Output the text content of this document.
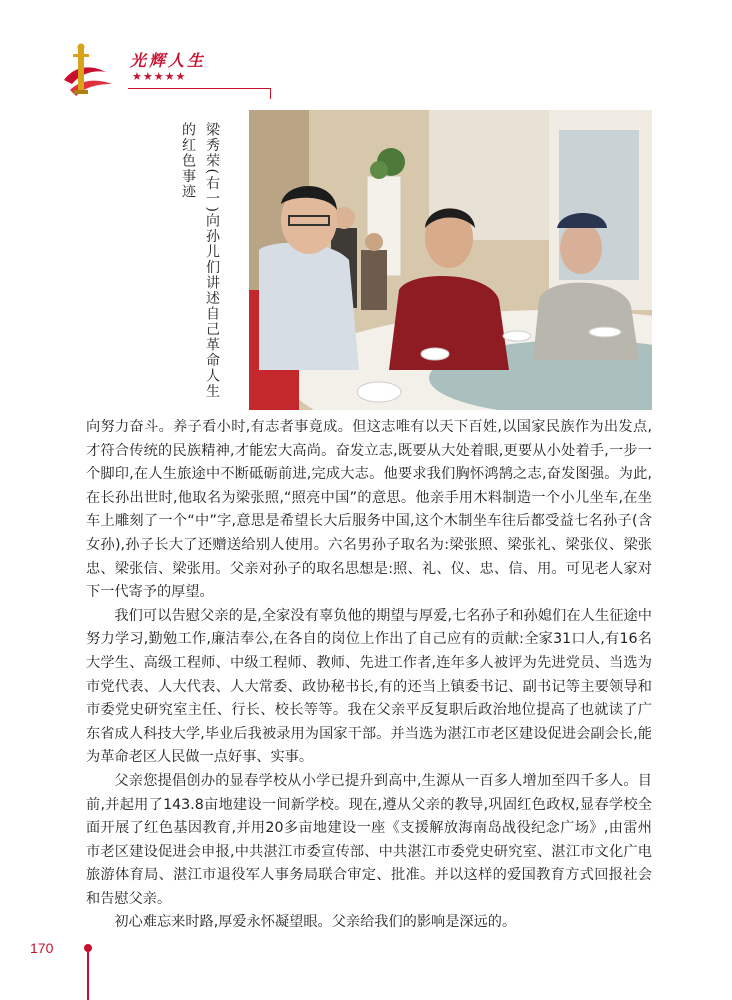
光辉人生
★★★★★
梁秀荣(右一)向孙儿们讲述自己革命人生的红色事迹

向努力奋斗。养子看小时,有志者事竟成。但这志唯有以天下百姓,以国家民族作为出发点,才符合传统的民族精神,才能宏大高尚。奋发立志,既要从大处着眼,更要从小处着手,一步一个脚印,在人生旅途中不断砥砺前进,完成大志。他要求我们胸怀鸿鹄之志,奋发图强。为此,在长孙出世时,他取名为梁张照,“照亮中国”的意思。他亲手用木料制造一个小儿坐车,在坐车上雕刻了一个“中”字,意思是希望长大后服务中国,这个木制坐车往后都受益七名孙子(含女孙),孙子长大了还赠送给别人使用。六名男孙子取名为:梁张照、梁张礼、梁张仪、梁张忠、梁张信、梁张用。父亲对孙子的取名思想是:照、礼、仪、忠、信、用。可见老人家对下一代寄予的厚望。

我们可以告慰父亲的是,全家没有辜负他的期望与厚爱,七名孙子和孙媳们在人生征途中努力学习,勤勉工作,廉洁奉公,在各自的岗位上作出了自己应有的贡献:全家31口人,有16名大学生、高级工程师、中级工程师、教师、先进工作者,连年多人被评为先进党员、当选为市党代表、人大代表、人大常委、政协秘书长,有的还当上镇委书记、副书记等主要领导和市委党史研究室主任、行长、校长等等。我在父亲平反复职后政治地位提高了也就读了广东省成人科技大学,毕业后我被录用为国家干部。并当选为湛江市老区建设促进会副会长,能为革命老区人民做一点好事、实事。

父亲您提倡创办的显春学校从小学已提升到高中,生源从一百多人增加至四千多人。目前,并起用了143.8亩地建设一间新学校。现在,遵从父亲的教导,巩固红色政权,显春学校全面开展了红色基因教育,并用20多亩地建设一座《支援解放海南岛战役纪念广场》,由雷州市老区建设促进会申报,中共湛江市委宣传部、中共湛江市委党史研究室、湛江市文化广电旅游体育局、湛江市退役军人事务局联合审定、批准。并以这样的爱国教育方式回报社会和告慰父亲。

初心难忘来时路,厚爱永怀凝望眼。父亲给我们的影响是深远的。

170
